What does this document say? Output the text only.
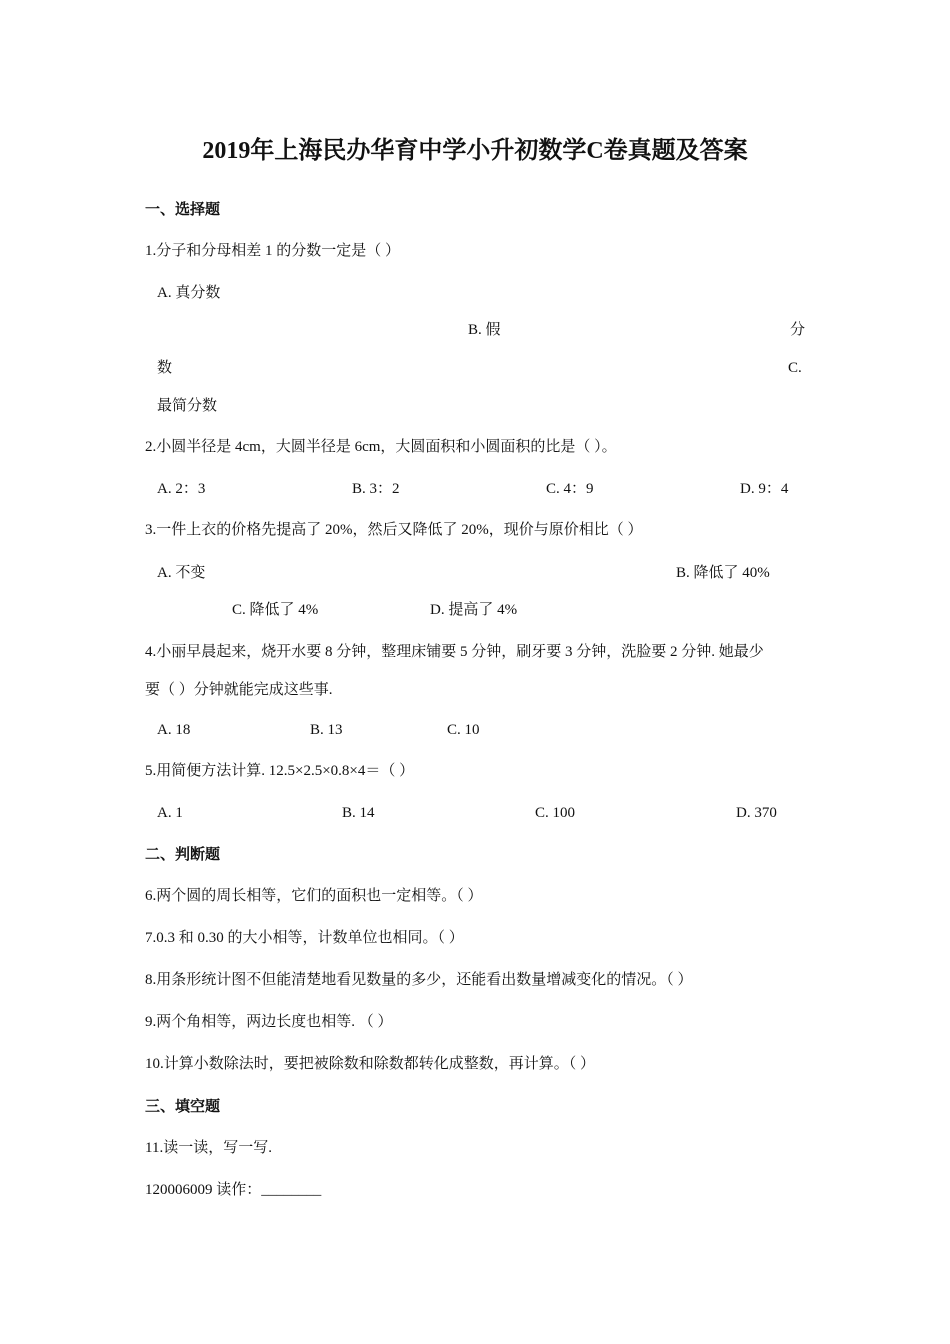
2019年上海民办华育中学小升初数学C卷真题及答案
一、选择题
1.分子和分母相差 1 的分数一定是（ ）
A. 真分数
B. 假	分
数	C.
最简分数
2.小圆半径是 4cm，大圆半径是 6cm，大圆面积和小圆面积的比是（ ）。
A. 2：3	B. 3：2	C. 4：9	D. 9：4
3.一件上衣的价格先提高了 20%，然后又降低了 20%，现价与原价相比（ ）
A. 不变	B. 降低了 40%
C. 降低了 4%	D. 提高了 4%
4.小丽早晨起来，烧开水要 8 分钟，整理床铺要 5 分钟，刷牙要 3 分钟，洗脸要 2 分钟. 她最少
要（ ）分钟就能完成这些事.
A. 18	B. 13	C. 10
5.用简便方法计算. 12.5×2.5×0.8×4＝（ ）
A. 1	B. 14	C. 100	D. 370
二、判断题
6.两个圆的周长相等，它们的面积也一定相等。（ ）
7.0.3 和 0.30 的大小相等，计数单位也相同。（ ）
8.用条形统计图不但能清楚地看见数量的多少，还能看出数量增减变化的情况。（ ）
9.两个角相等，两边长度也相等. （ ）
10.计算小数除法时，要把被除数和除数都转化成整数，再计算。（ ）
三、填空题
11.读一读，写一写.
120006009 读作：________
